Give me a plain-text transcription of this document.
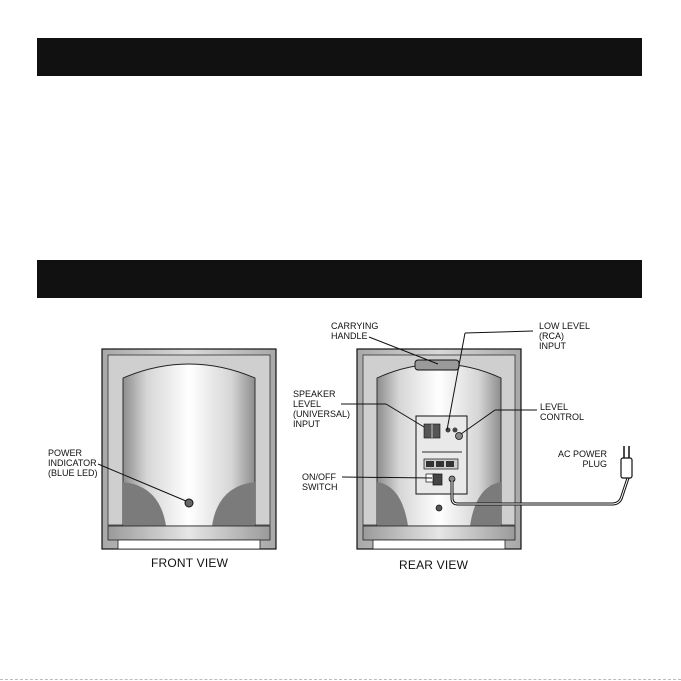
POWER
INDICATOR
(BLUE LED)
FRONT VIEW
CARRYING
HANDLE
LOW LEVEL
(RCA)
INPUT
SPEAKER
LEVEL
(UNIVERSAL)
INPUT
LEVEL
CONTROL
AC POWER
PLUG
ON/OFF
SWITCH
REAR VIEW
